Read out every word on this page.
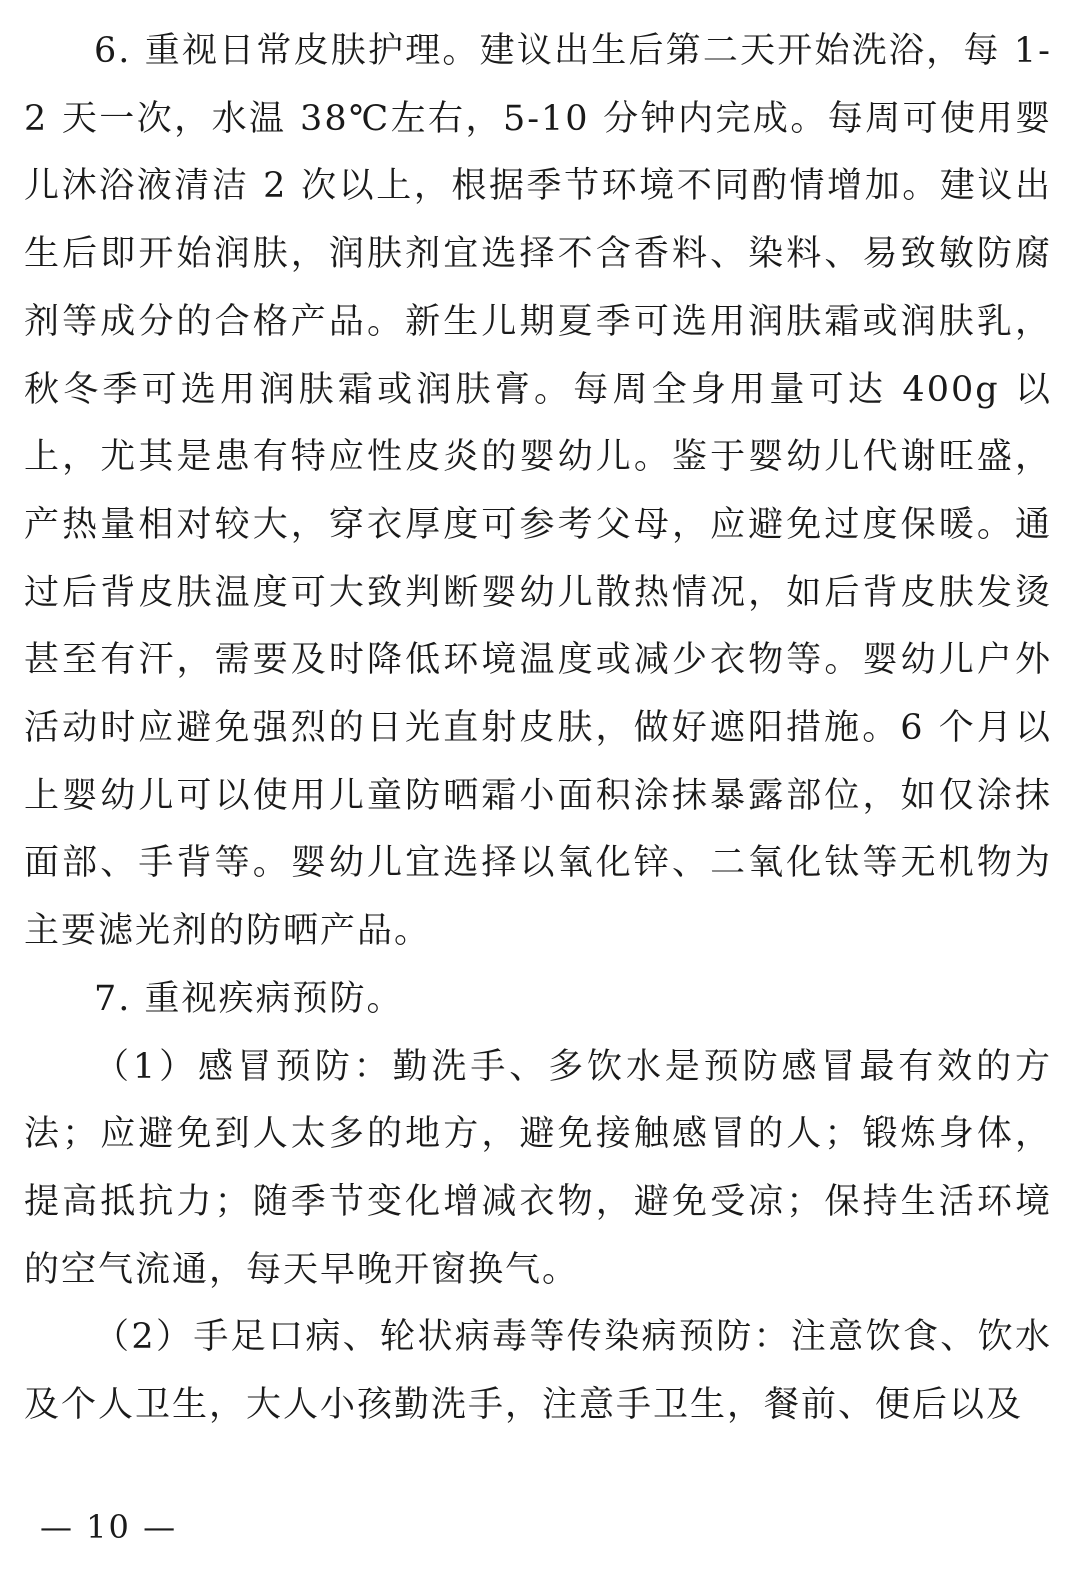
6. 重视日常皮肤护理。建议出生后第二天开始洗浴，每 1-2 天一次，水温 38℃左右，5-10 分钟内完成。每周可使用婴儿沐浴液清洁 2 次以上，根据季节环境不同酌情增加。建议出生后即开始润肤，润肤剂宜选择不含香料、染料、易致敏防腐剂等成分的合格产品。新生儿期夏季可选用润肤霜或润肤乳，秋冬季可选用润肤霜或润肤膏。每周全身用量可达 400g 以上，尤其是患有特应性皮炎的婴幼儿。鉴于婴幼儿代谢旺盛，产热量相对较大，穿衣厚度可参考父母，应避免过度保暖。通过后背皮肤温度可大致判断婴幼儿散热情况，如后背皮肤发烫甚至有汗，需要及时降低环境温度或减少衣物等。婴幼儿户外活动时应避免强烈的日光直射皮肤，做好遮阳措施。6 个月以上婴幼儿可以使用儿童防晒霜小面积涂抹暴露部位，如仅涂抹面部、手背等。婴幼儿宜选择以氧化锌、二氧化钛等无机物为主要滤光剂的防晒产品。

7. 重视疾病预防。

（1）感冒预防：勤洗手、多饮水是预防感冒最有效的方法；应避免到人太多的地方，避免接触感冒的人；锻炼身体，提高抵抗力；随季节变化增减衣物，避免受凉；保持生活环境的空气流通，每天早晚开窗换气。

（2）手足口病、轮状病毒等传染病预防：注意饮食、饮水及个人卫生，大人小孩勤洗手，注意手卫生，餐前、便后以及

— 10 —
